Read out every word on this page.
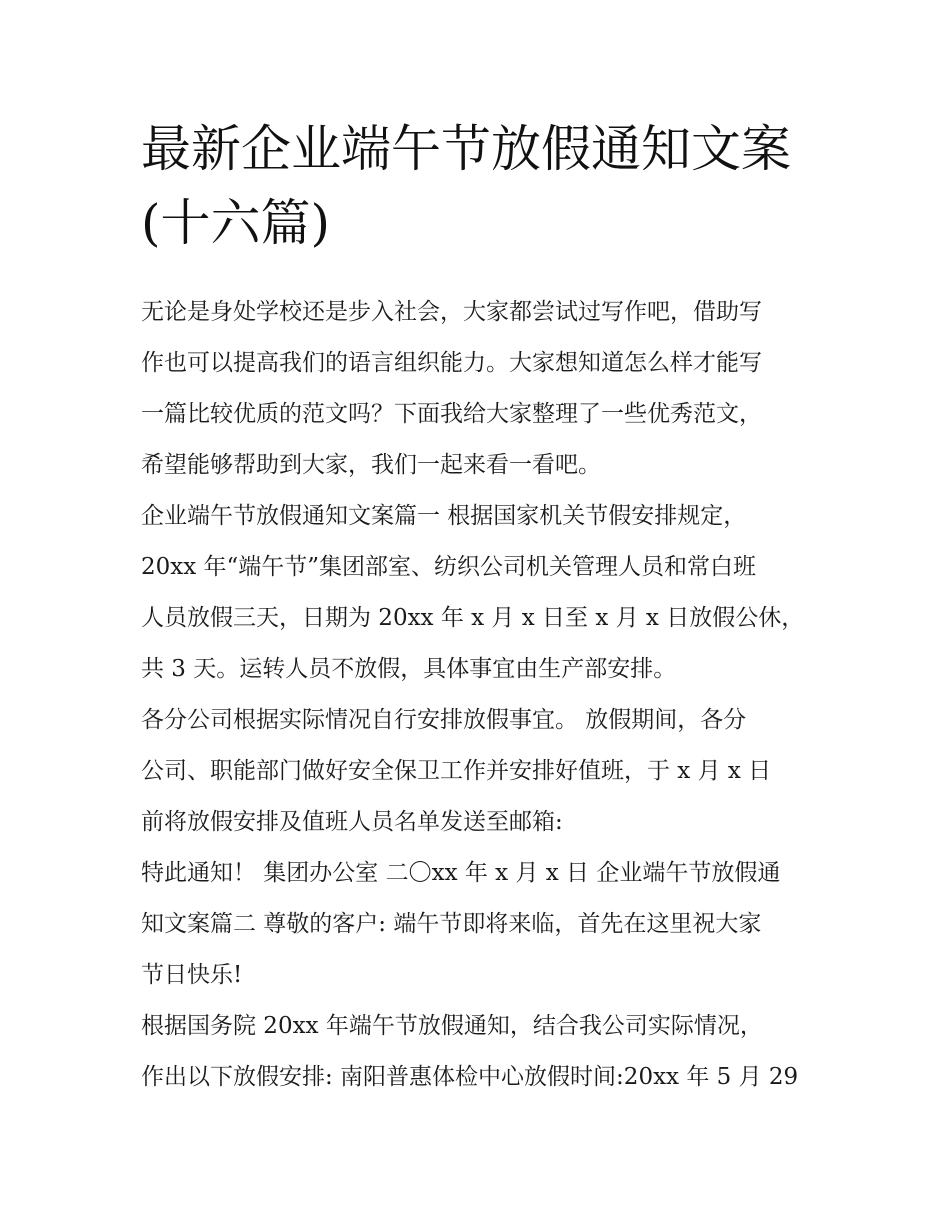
最新企业端午节放假通知文案
(十六篇)
无论是身处学校还是步入社会，大家都尝试过写作吧，借助写
作也可以提高我们的语言组织能力。大家想知道怎么样才能写
一篇比较优质的范文吗？下面我给大家整理了一些优秀范文，
希望能够帮助到大家，我们一起来看一看吧。
企业端午节放假通知文案篇一 根据国家机关节假安排规定，
20xx 年“端午节”集团部室、纺织公司机关管理人员和常白班
人员放假三天，日期为 20xx 年 x 月 x 日至 x 月 x 日放假公休，
共 3 天。运转人员不放假，具体事宜由生产部安排。
各分公司根据实际情况自行安排放假事宜。 放假期间，各分
公司、职能部门做好安全保卫工作并安排好值班，于 x 月 x 日
前将放假安排及值班人员名单发送至邮箱:
特此通知！ 集团办公室 二〇xx 年 x 月 x 日 企业端午节放假通
知文案篇二 尊敬的客户: 端午节即将来临，首先在这里祝大家
节日快乐!
根据国务院 20xx 年端午节放假通知，结合我公司实际情况，
作出以下放假安排: 南阳普惠体检中心放假时间:20xx 年 5 月 29
